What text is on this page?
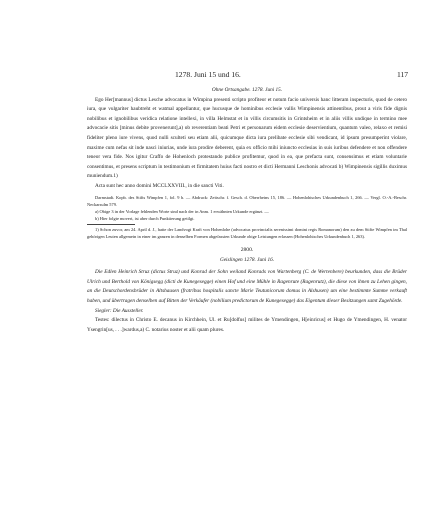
1278. Juni 15 und 16.	117
Ohne Ortsangabe. 1278. Juni 15.

Ego Her[mannus] dictus Lesche advocatus in Wimpina presenti scripto profiteor et notum facio universis hanc litteram inspecturis, quod de cetero iura, que vulgariter haubtreht et watmal appellantur, que hucusque de hominibus ecclesie vallis Wimpinensis attinentibus, prout a viris fide dignis nobilibus et ignobilibus veridica relatione intellexi, in villa Helmstat et in villis circumsitis in Grintsheim et in aliis villis undique in termino mee advocacie sitis [minus debite provenerunt],a) ob reverentiam beati Petri et personarum eidem ecclesie deservientium, quantum valeo, relaxo et remisi fideliter pleno iure vivens, quod nulli sculteti seu etiam alii, quicumque dicta iura prelibate ecclesie sibi vendicant, id ipsum presumperint violare, maxime cum nefas sit inde nasci iniurias, unde iura prodire deberent, quia ex officio mihi iniuncto ecclesias in suis iuribus defendere et non offendere teneor vera fide. Nos igitur Craffo de Hohenloch protestando publice profitemur, quod in ea, que prefacta sunt, consensimus et etiam voluntarie consentimus, et presens scriptum in testimonium et firmitatem huius facti nostro et dicti Hermanni Leschonis advocati b) Wimpinensis sigillis duximus muniendum.1)

Acta sunt hec anno domini MCCLXXVIII., in die sancti Viti.

Darmstadt. Kopb. des Stifts Wimpfen 1, fol. 9 b. — Abdruck: Zeitschr. f. Gesch. d. Oberrheins 15, 186. — Hohenlohisches Urkundenbuch 1, 266. — Vergl. O.-A.-Beschr. Neckarsulm 579.
a) Obige 3 in der Vorlage fehlenden Worte sind nach der in Anm. 1 erwähnten Urkunde ergänzt. —
b) Hier folgte moveri, ist aber durch Punktierung getilgt.
1) Schon zuvor, am 24. April d. J., hatte der Landvogt Kraft von Hohenlohe (advocatus provincialis serenissimi domini regis Romanorum) den zu dem Stifte Wimpfen im Thal gehörigen Leuten allgemein in einer im ganzen in denselben Formen abgefassten Urkunde obige Leistungen erlassen (Hohenlohisches Urkundenbuch 1, 263).
2800.
Geislingen 1278. Juni 16.

Die Edlen Heinrich Struz (dictus Struz) und Konrad der Sohn weiland Konrads von Wartenberg (C. de Wertenbere) beurkunden, dass die Brüder Ulrich und Berthold von Königsegg (dicti de Kunegesegge) einen Hof und eine Mühle in Ragenrute (Ragenrutz), die diese von ihnen zu Lehen gingen, an die Deutschordensbrüder in Altshausen (fratribus hospitalis sancte Marie Teutunicorum domus in Alshusen) um eine bestimmte Summe verkauft haben, und übertragen denselben auf Bitten der Verkäufer (nobilium predictorum de Kunegesegge) das Eigentum dieser Besitzungen samt Zugehörde.

Siegler: Die Aussteller.

Testes: dilectus in Christo E. decanus in Kirchhein, Ul. et Ru[dolfus] milites de Ymendingen, H[einricus] et Hugo de Ymendingen, H. venator Ysengrin[us, . . .]wardus,a) C. notarius noster et alii quam plures.
